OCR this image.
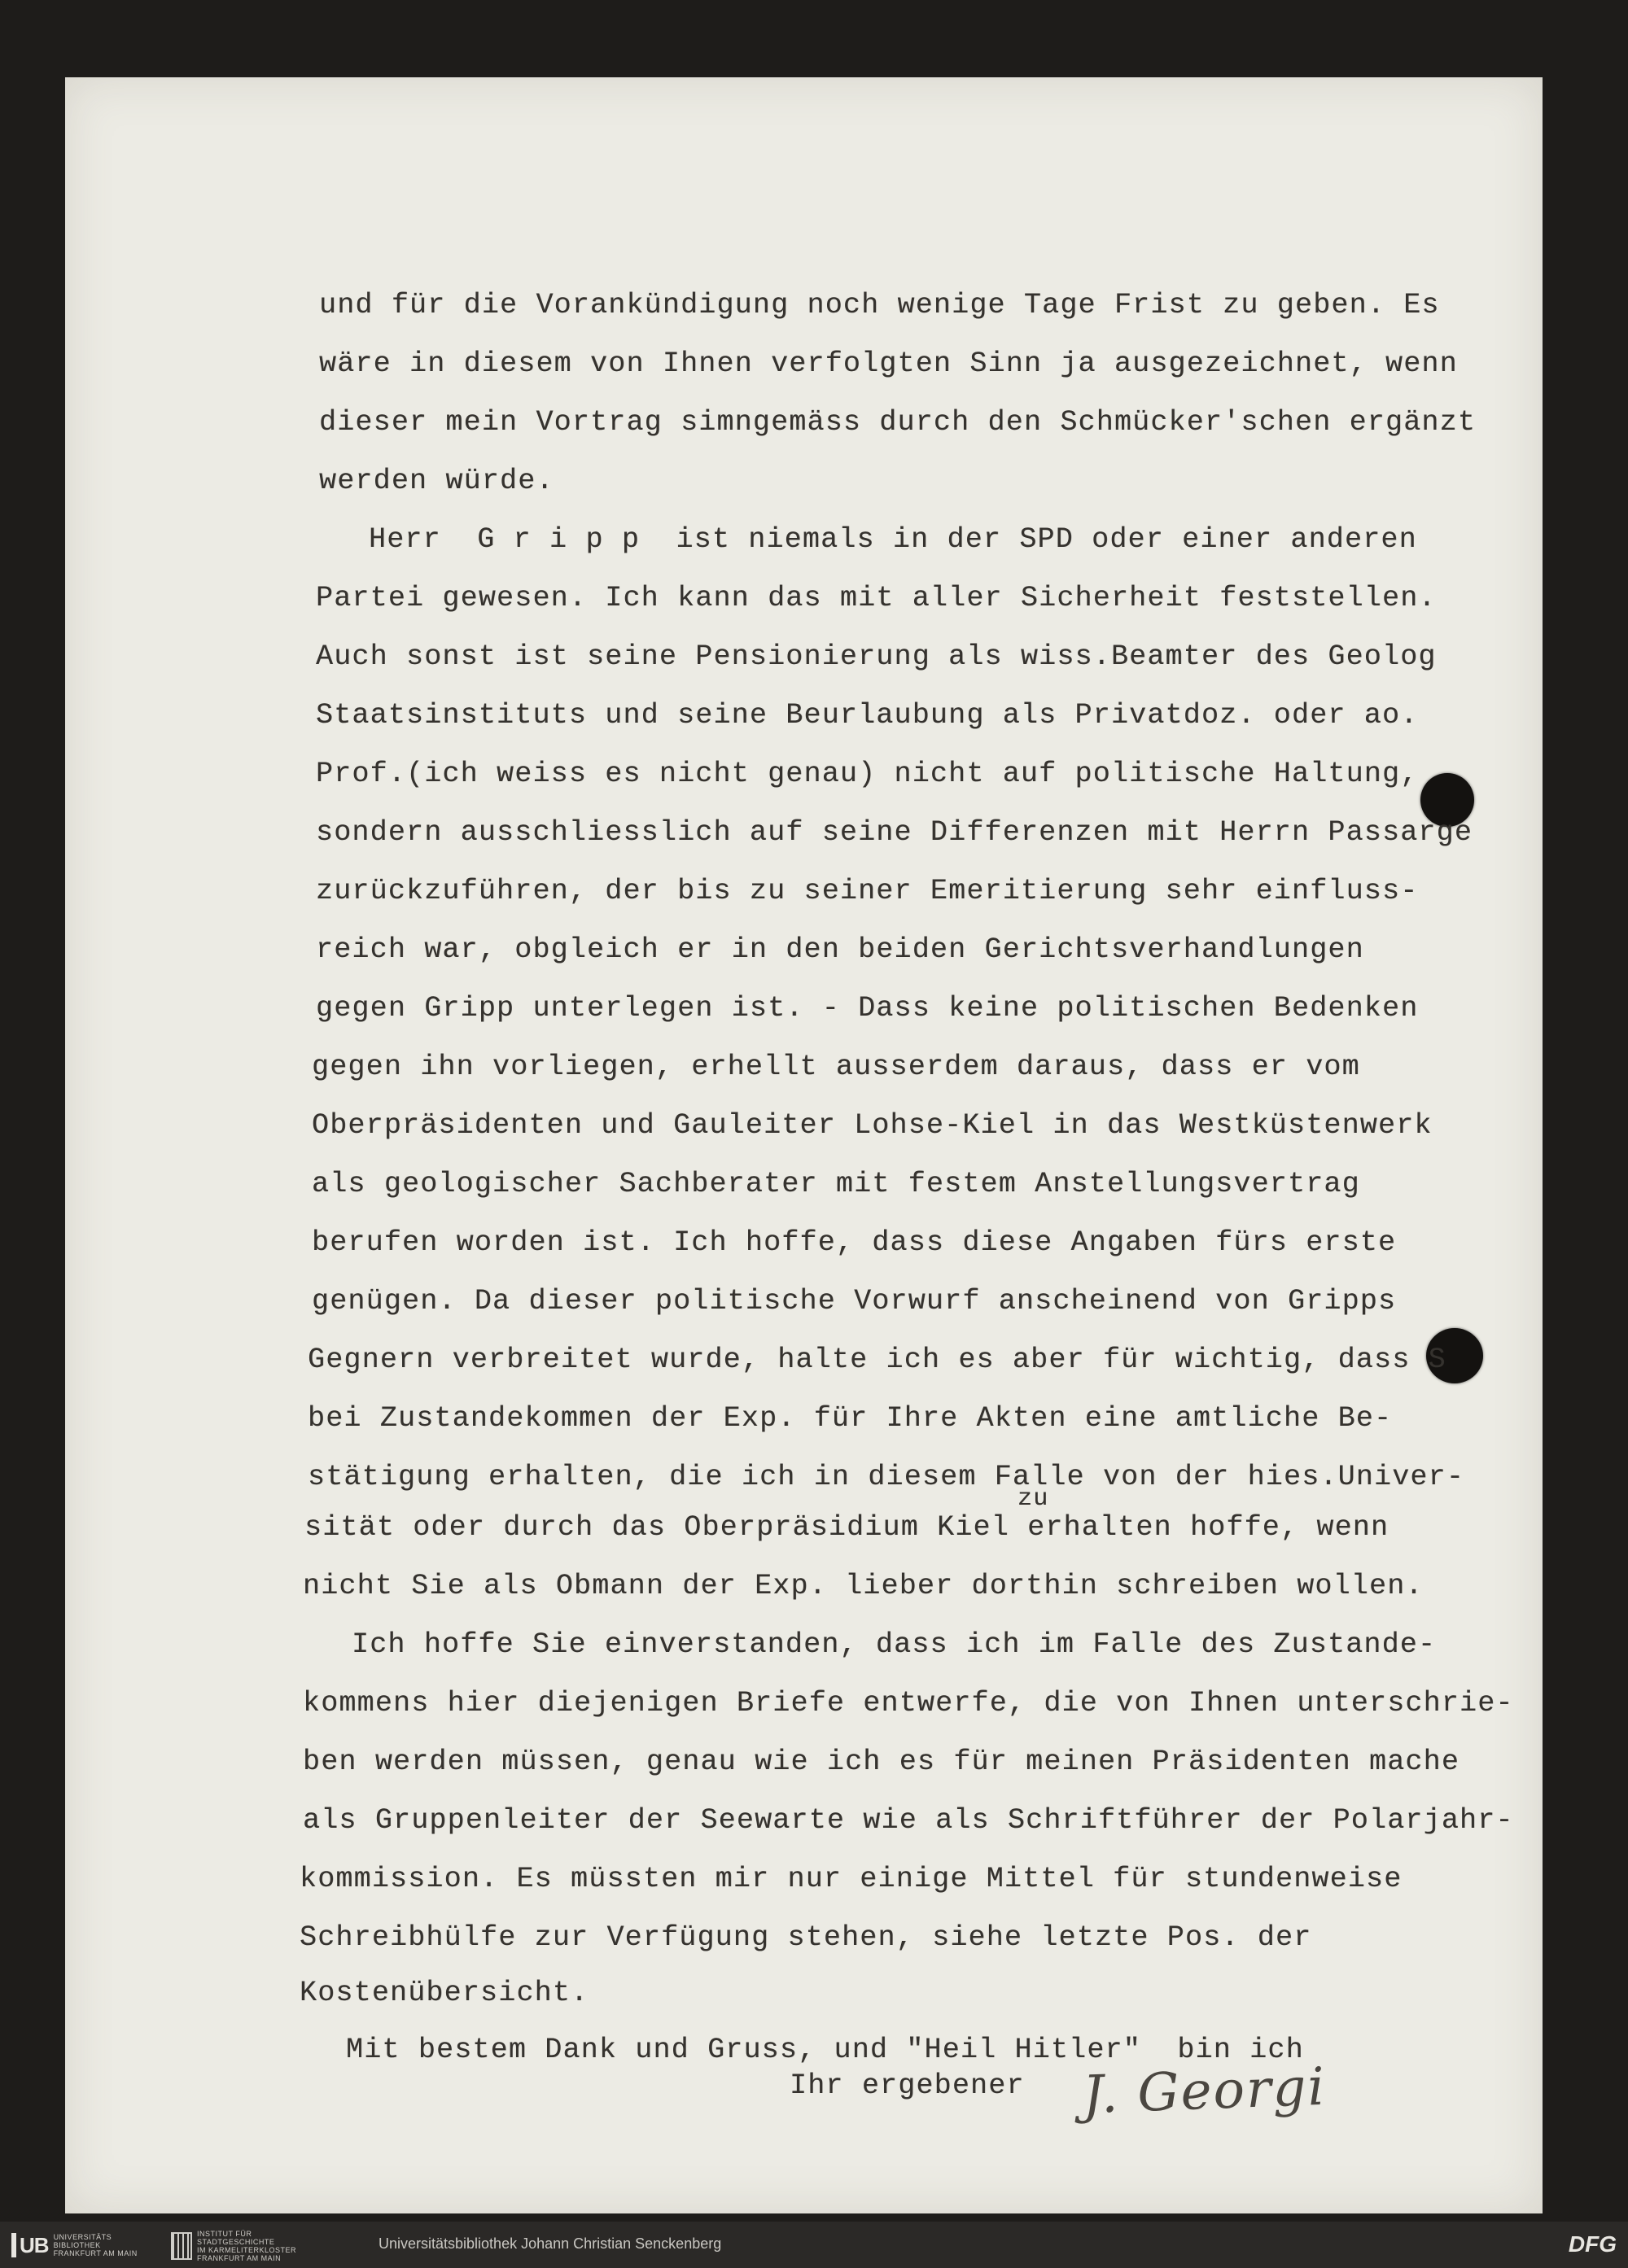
und für die Vorankündigung noch wenige Tage Frist zu geben. Es
wäre in diesem von Ihnen verfolgten Sinn ja ausgezeichnet, wenn
dieser mein Vortrag simngemäss durch den Schmücker'schen ergänzt
werden würde.
Herr  G r i p p  ist niemals in der SPD oder einer anderen
Partei gewesen. Ich kann das mit aller Sicherheit feststellen.
Auch sonst ist seine Pensionierung als wiss.Beamter des Geolog
Staatsinstituts und seine Beurlaubung als Privatdoz. oder ao.
Prof.(ich weiss es nicht genau) nicht auf politische Haltung,
sondern ausschliesslich auf seine Differenzen mit Herrn Passarge
zurückzuführen, der bis zu seiner Emeritierung sehr einfluss-
reich war, obgleich er in den beiden Gerichtsverhandlungen
gegen Gripp unterlegen ist. - Dass keine politischen Bedenken
gegen ihn vorliegen, erhellt ausserdem daraus, dass er vom
Oberpräsidenten und Gauleiter Lohse-Kiel in das Westküstenwerk
als geologischer Sachberater mit festem Anstellungsvertrag
berufen worden ist. Ich hoffe, dass diese Angaben fürs erste
genügen. Da dieser politische Vorwurf anscheinend von Gripps
Gegnern verbreitet wurde, halte ich es aber für wichtig, dass S
bei Zustandekommen der Exp. für Ihre Akten eine amtliche Be-
stätigung erhalten, die ich in diesem Falle von der hies.Univer-
zu
sität oder durch das Oberpräsidium Kiel erhalten hoffe, wenn
nicht Sie als Obmann der Exp. lieber dorthin schreiben wollen.
Ich hoffe Sie einverstanden, dass ich im Falle des Zustande-
kommens hier diejenigen Briefe entwerfe, die von Ihnen unterschrie-
ben werden müssen, genau wie ich es für meinen Präsidenten mache
als Gruppenleiter der Seewarte wie als Schriftführer der Polarjahr-
kommission. Es müssten mir nur einige Mittel für stundenweise
Schreibhülfe zur Verfügung stehen, siehe letzte Pos. der
Kostenübersicht.
Mit bestem Dank und Gruss, und "Heil Hitler"  bin ich
Ihr ergebener J. Georgi
UB UNIVERSITÄTS
BIBLIOTHEK
FRANKFURT AM MAIN
INSTITUT FÜR
STADTGESCHICHTE
IM KARMELITERKLOSTER
FRANKFURT AM MAIN
Universitätsbibliothek Johann Christian Senckenberg	DFG
